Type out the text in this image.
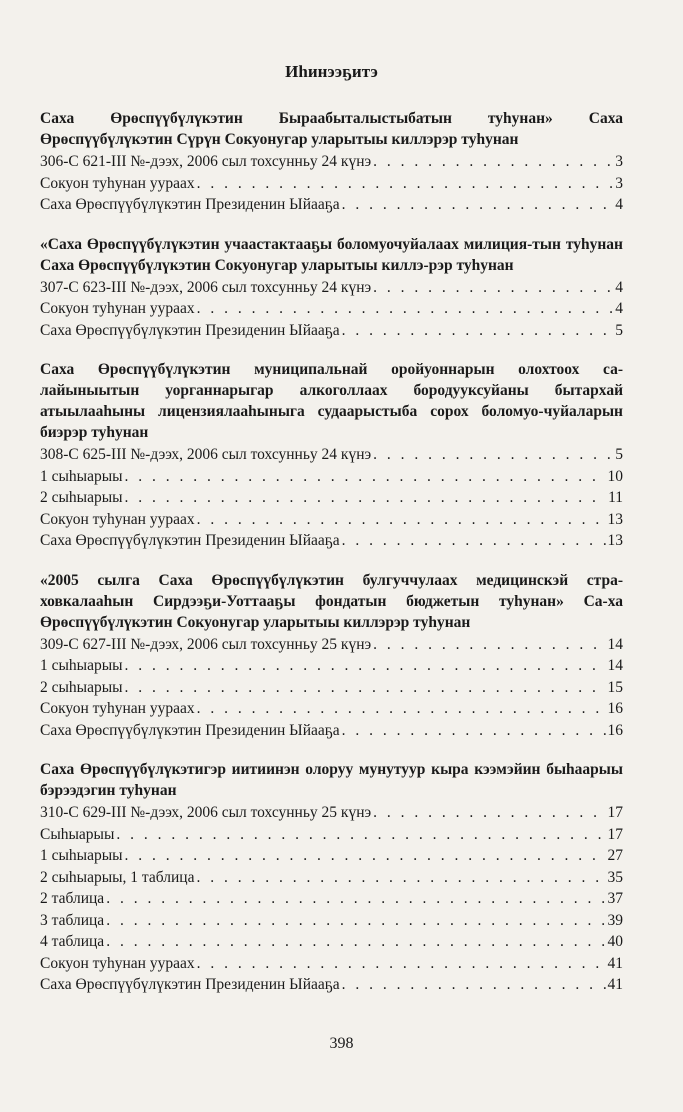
Иһинээҕитэ
Саха Өрөспүүбүлүкэтин Быраабыталыстыбатын туһунан» Саха Өрөспүүбүлүкэтин Сүрүн Сокуонугар уларытыы киллэрэр туһунан
306-С 621-III №-дээх, 2006 сыл тохсунньу 24 күнэ . . .	3
Сокуон туһунан уураах . . .	3
Саха Өрөспүүбүлүкэтин Президенин Ыйааҕа . . .	4
«Саха Өрөспүүбүлүкэтин учаастактааҕы боломуочуйалаах милиция-тын туһунан Саха Өрөспүүбүлүкэтин Сокуонугар уларытыы киллэ-рэр туһунан
307-С 623-III №-дээх, 2006 сыл тохсунньу 24 күнэ . . .	4
Сокуон туһунан уураах . . .	4
Саха Өрөспүүбүлүкэтин Президенин Ыйааҕа . . .	5
Саха Өрөспүүбүлүкэтин муниципальнай оройуоннарын олохтоох са-лайыныытын уорганнарыгар алкоголлаах бородууксуйаны бытархай атыылааһыны лицензиялааһыныгa судаарыстыба сорох боломуо-чуйаларын биэрэр туһунан
308-С 625-III №-дээх, 2006 сыл тохсунньу 24 күнэ . . .	5
1 сыһыарыы . . .	10
2 сыһыарыы . . .	11
Сокуон туһунан уураах . . .	13
Саха Өрөспүүбүлүкэтин Президенин Ыйааҕа . . .	13
«2005 сылга Саха Өрөспүүбүлүкэтин булгуччулаах медицинскэй стра-ховкалааһын Сирдээҕи-Уоттааҕы фондатын бюджетын туһунан» Са-ха Өрөспүүбүлүкэтин Сокуонугар уларытыы киллэрэр туһунан
309-С 627-III №-дээх, 2006 сыл тохсунньу 25 күнэ . . .	14
1 сыһыарыы . . .	14
2 сыһыарыы . . .	15
Сокуон туһунан уураах . . .	16
Саха Өрөспүүбүлүкэтин Президенин Ыйааҕа . . .	16
Саха Өрөспүүбүлүкэтигэр иитиинэн олоруу мунутуур кыра кээмэйин быһаарыы бэрээдэгин туһунан
310-С 629-III №-дээх, 2006 сыл тохсунньу 25 күнэ . . .	17
Сыһыарыы . . .	17
1 сыһыарыы . . .	27
2 сыһыарыы, 1 таблица . . .	35
2 таблица . . .	37
3 таблица . . .	39
4 таблица . . .	40
Сокуон туһунан уураах . . .	41
Саха Өрөспүүбүлүкэтин Президенин Ыйааҕа . . .	41
398
